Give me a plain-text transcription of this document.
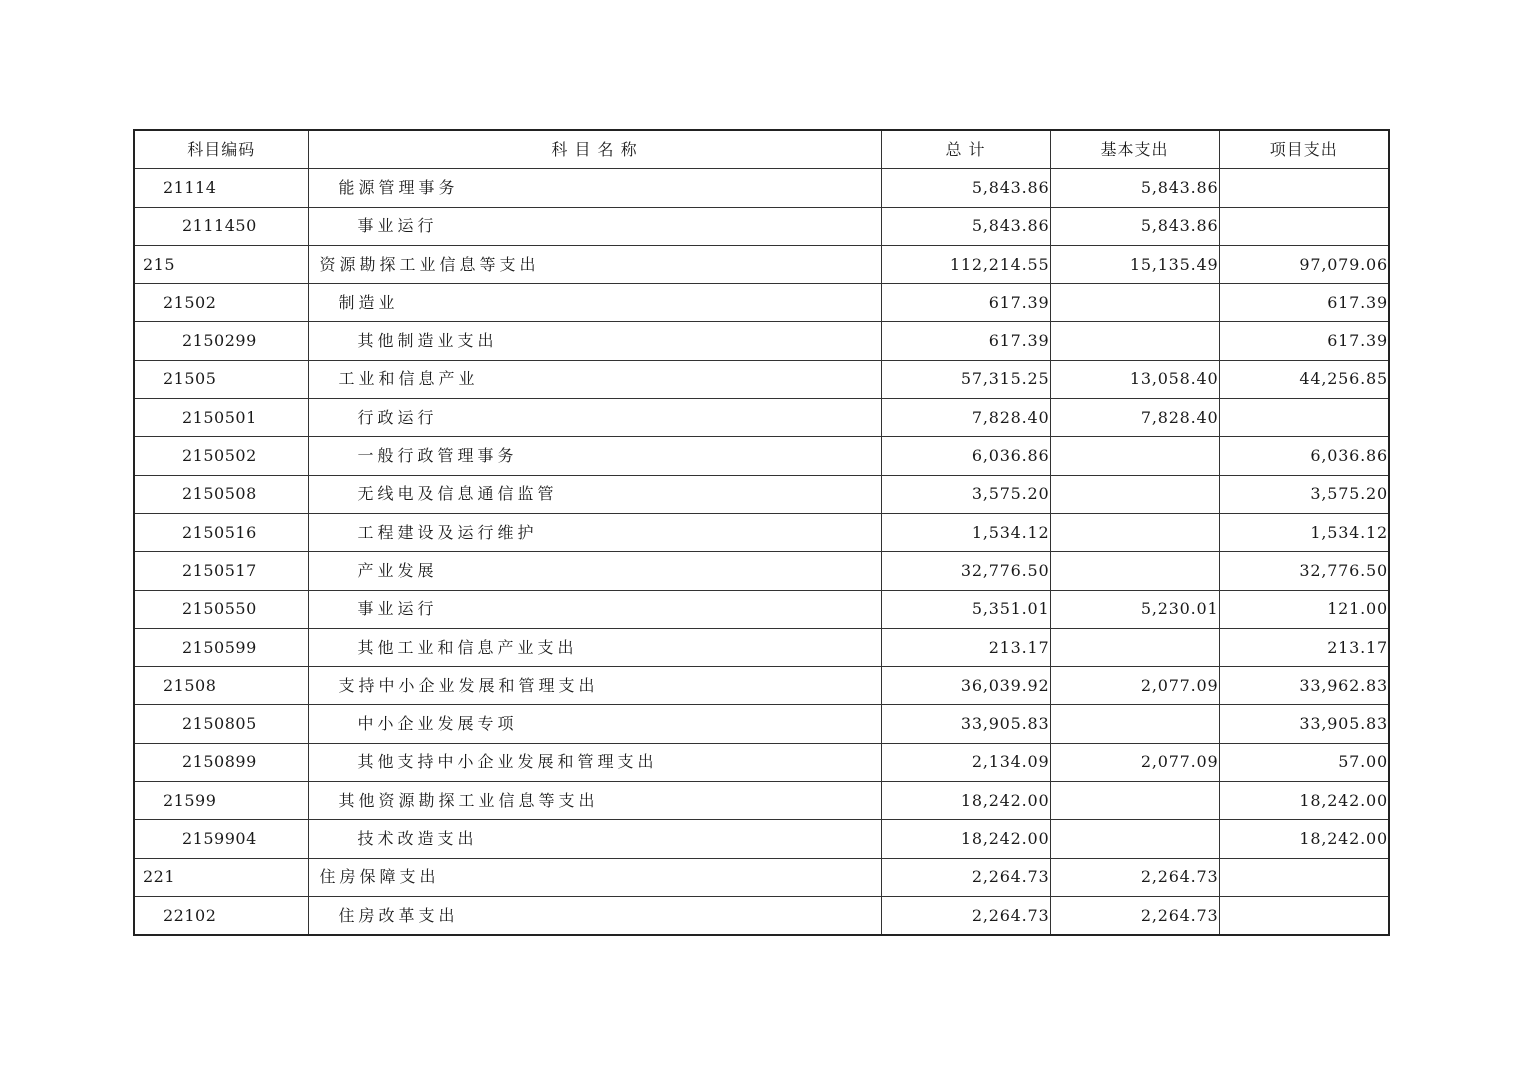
科目编码	科 目 名 称	总 计	基本支出	项目支出
21114	能源管理事务	5,843.86	5,843.86	
2111450	事业运行	5,843.86	5,843.86	
215	资源勘探工业信息等支出	112,214.55	15,135.49	97,079.06
21502	制造业	617.39		617.39
2150299	其他制造业支出	617.39		617.39
21505	工业和信息产业	57,315.25	13,058.40	44,256.85
2150501	行政运行	7,828.40	7,828.40	
2150502	一般行政管理事务	6,036.86		6,036.86
2150508	无线电及信息通信监管	3,575.20		3,575.20
2150516	工程建设及运行维护	1,534.12		1,534.12
2150517	产业发展	32,776.50		32,776.50
2150550	事业运行	5,351.01	5,230.01	121.00
2150599	其他工业和信息产业支出	213.17		213.17
21508	支持中小企业发展和管理支出	36,039.92	2,077.09	33,962.83
2150805	中小企业发展专项	33,905.83		33,905.83
2150899	其他支持中小企业发展和管理支出	2,134.09	2,077.09	57.00
21599	其他资源勘探工业信息等支出	18,242.00		18,242.00
2159904	技术改造支出	18,242.00		18,242.00
221	住房保障支出	2,264.73	2,264.73	
22102	住房改革支出	2,264.73	2,264.73	
